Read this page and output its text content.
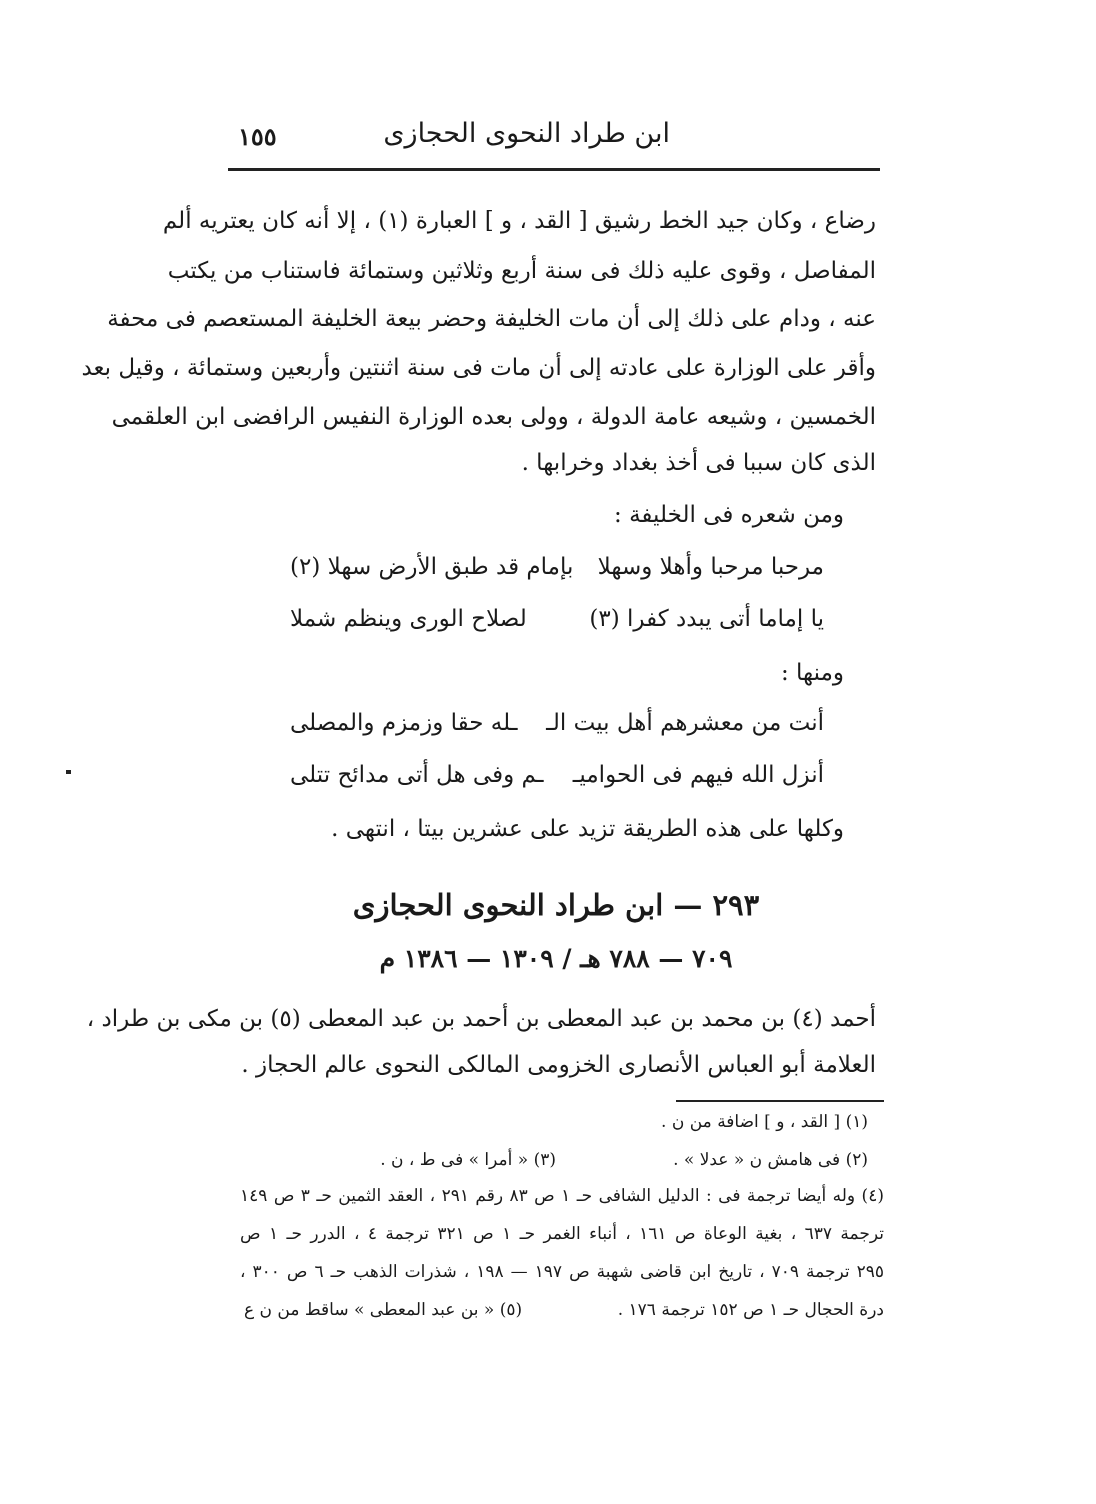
ابن طراد النحوى الحجازى
١٥٥
رضاع ، وكان جيد الخط رشيق [ القد ، و ] العبارة (١) ، إلا أنه كان يعتريه ألم
المفاصل ، وقوى عليه ذلك فى سنة أربع وثلاثين وستمائة فاستناب من يكتب
عنه ، ودام على ذلك إلى أن مات الخليفة وحضر بيعة الخليفة المستعصم فى محفة
وأقر على الوزارة على عادته إلى أن مات فى سنة اثنتين وأربعين وستمائة ، وقيل بعد
الخمسين ، وشيعه عامة الدولة ، وولى بعده الوزارة النفيس الرافضى ابن العلقمى
الذى كان سببا فى أخذ بغداد وخرابها .
ومن شعره فى الخليفة :
مرحبا مرحبا وأهلا وسهلا
بإمام قد طبق الأرض سهلا (٢)
يا إماما أتى يبدد كفرا (٣)
لصلاح الورى وينظم شملا
ومنها :
أنت من معشرهم أهل بيت الـ
ـله حقا وزمزم والمصلى
أنزل الله فيهم فى الحواميـ
ـم وفى هل أتى مدائح تتلى
وكلها على هذه الطريقة تزيد على عشرين بيتا ، انتهى .
٢٩٣ — ابن طراد النحوى الحجازى
٧٠٩ — ٧٨٨ هـ / ١٣٠٩ — ١٣٨٦ م
أحمد (٤) بن محمد بن عبد المعطى بن أحمد بن عبد المعطى (٥) بن مكى بن طراد ،
العلامة أبو العباس الأنصارى الخزومى المالكى النحوى عالم الحجاز .
(١) [ القد ، و ] اضافة من ن .
(٢) فى هامش ن « عدلا » .
(٣) « أمرا » فى ط ، ن .
(٤) وله أيضا ترجمة فى : الدليل الشافى حـ ١ ص ٨٣ رقم ٢٩١ ، العقد الثمين حـ ٣ ص ١٤٩
ترجمة ٦٣٧ ، بغية الوعاة ص ١٦١ ، أنباء الغمر حـ ١ ص ٣٢١ ترجمة ٤ ، الدرر حـ ١ ص
٢٩٥ ترجمة ٧٠٩ ، تاريخ ابن قاضى شهبة ص ١٩٧ — ١٩٨ ، شذرات الذهب حـ ٦ ص ٣٠٠ ،
درة الحجال حـ ١ ص ١٥٢ ترجمة ١٧٦ .
(٥) « بن عبد المعطى » ساقط من ن ع
